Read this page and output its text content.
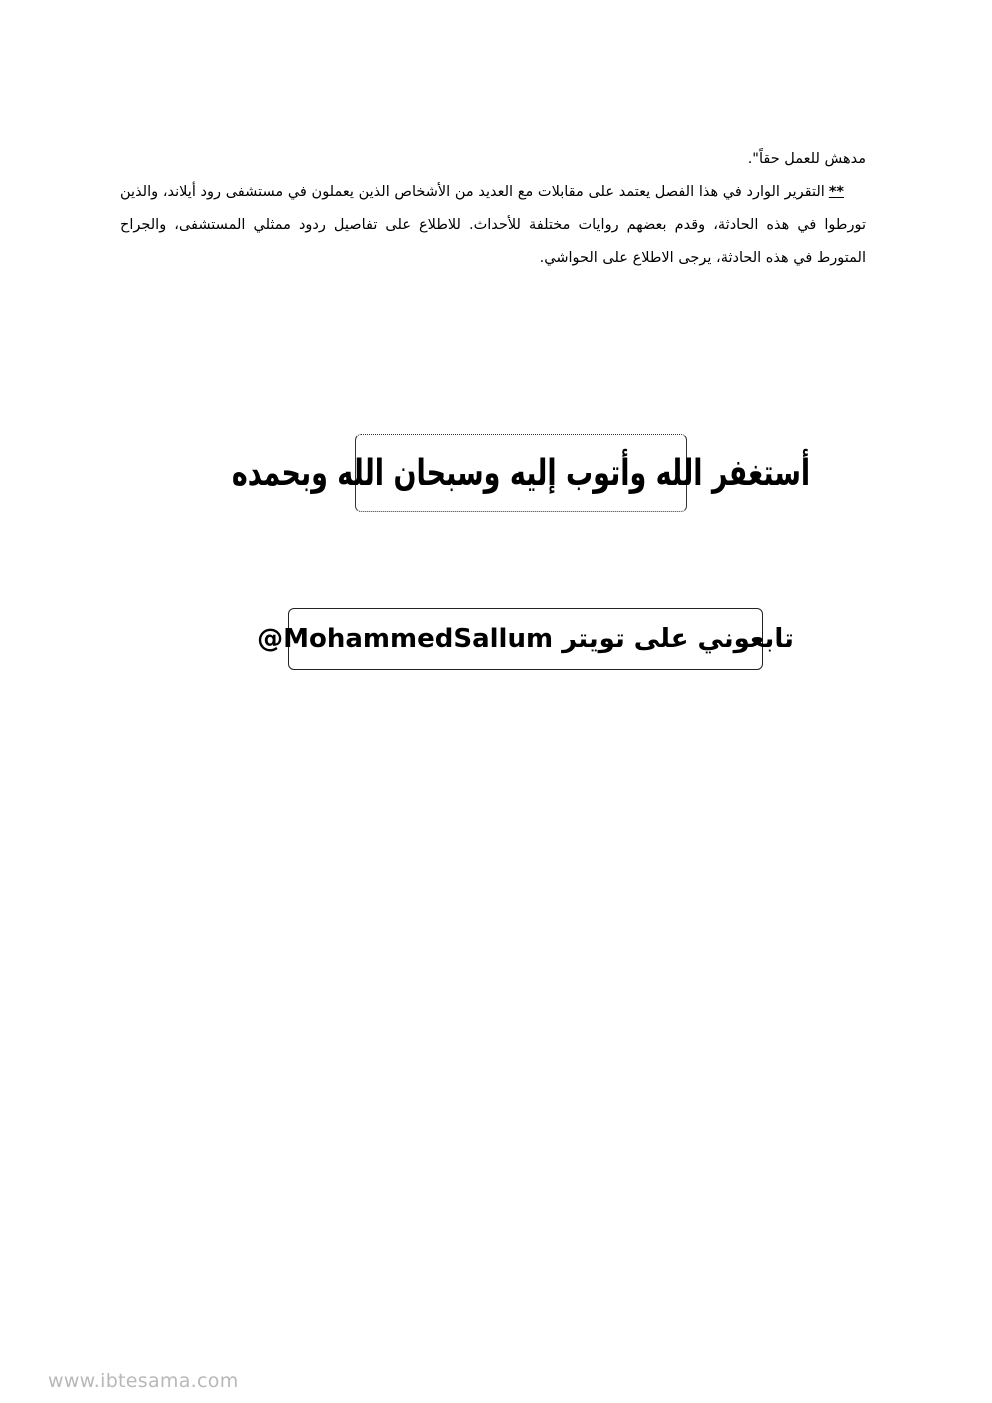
مدهش للعمل حقاً".

**التقرير الوارد في هذا الفصل يعتمد على مقابلات مع العديد من الأشخاص الذين يعملون في مستشفى رود أيلاند، والذين تورطوا في هذه الحادثة، وقدم بعضهم روايات مختلفة للأحداث. للاطلاع على تفاصيل ردود ممثلي المستشفى، والجراح المتورط في هذه الحادثة، يرجى الاطلاع على الحواشي.

أستغفر الله وأتوب إليه وسبحان الله وبحمده
تابعوني على تويتر MohammedSallum@
www.ibtesama.com
